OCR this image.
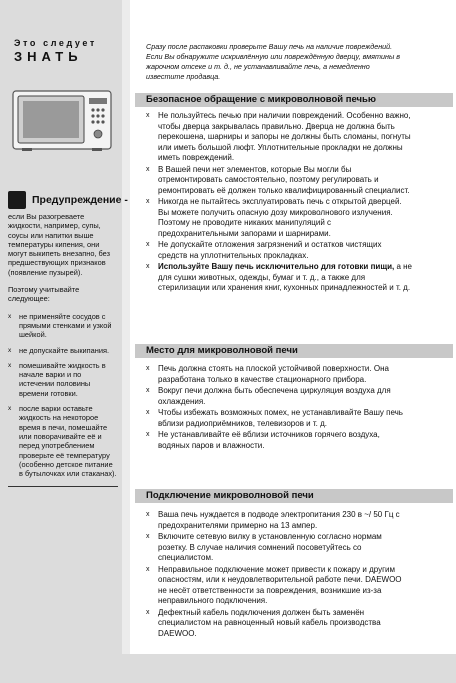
Это следует
ЗНАТЬ
Предупреждение -

если Вы разогреваете жидкости, например, супы, соусы или напитки выше температуры кипения, они могут выкипеть внезапно, без предшествующих признаков (появление пузырей).

Поэтому учитывайте следующее:

x не применяйте сосудов с прямыми стенками и узкой шейкой.
x не допускайте выкипания.
x помешивайте жидкость в начале варки и по истечении половины времени готовки.
x после варки оставьте жидкость на некоторое время в печи, помешайте или поворачивайте её и перед употреблением проверьте её температуру (особенно детское питание в бутылочках или стаканах).
Сразу после распаковки проверьте Вашу печь на наличие повреждений. Если Вы обнаружите искривлённую или повреждённую дверцу, вмятины в жарочном отсеке и т. д., не устанавливайте печь, а немедленно известите продавца.
Безопасное обращение с микроволновой печью
x Не пользуйтесь печью при наличии повреждений. Особенно важно, чтобы дверца закрывалась правильно. Дверца не должна быть перекошена, шарниры и запоры не должны быть сломаны, погнуты или иметь большой люфт. Уплотнительные прокладки не должны иметь повреждений.
x В Вашей печи нет элементов, которые Вы могли бы отремонтировать самостоятельно, поэтому регулировать и ремонтировать её должен только квалифицированный специалист.
x Никогда не пытайтесь эксплуатировать печь с открытой дверцей. Вы можете получить опасную дозу микроволнового излучения. Поэтому не проводите никаких манипуляций с предохранительными запорами и шарнирами.
x Не допускайте отложения загрязнений и остатков чистящих средств на уплотнительных прокладках.
x Используйте Вашу печь исключительно для готовки пищи, а не для сушки животных, одежды, бумаг и т. д., а также для стерилизации или хранения книг, кухонных принадлежностей и т. д.
Место для микроволновой печи
x Печь должна стоять на плоской устойчивой поверхности. Она разработана только в качестве стационарного прибора.
x Вокруг печи должна быть обеспечена циркуляция воздуха для охлаждения.
x Чтобы избежать возможных помех, не устанавливайте Вашу печь вблизи радиоприёмников, телевизоров и т. д.
x Не устанавливайте её вблизи источников горячего воздуха, водяных паров и влажности.
Подключение микроволновой печи
x Ваша печь нуждается в подводе электропитания 230 в ~/ 50 Гц с предохранителями примерно на 13 ампер.
x Включите сетевую вилку в установленную согласно нормам розетку. В случае наличия сомнений посоветуйтесь со специалистом.
x Неправильное подключение может привести к пожару и другим опасностям, или к неудовлетворительной работе печи. DAEWOO не несёт ответственности за повреждения, возникшие из-за неправильного подключения.
x Дефектный кабель подключения должен быть заменён специалистом на равноценный новый кабель производства DAEWOO.
